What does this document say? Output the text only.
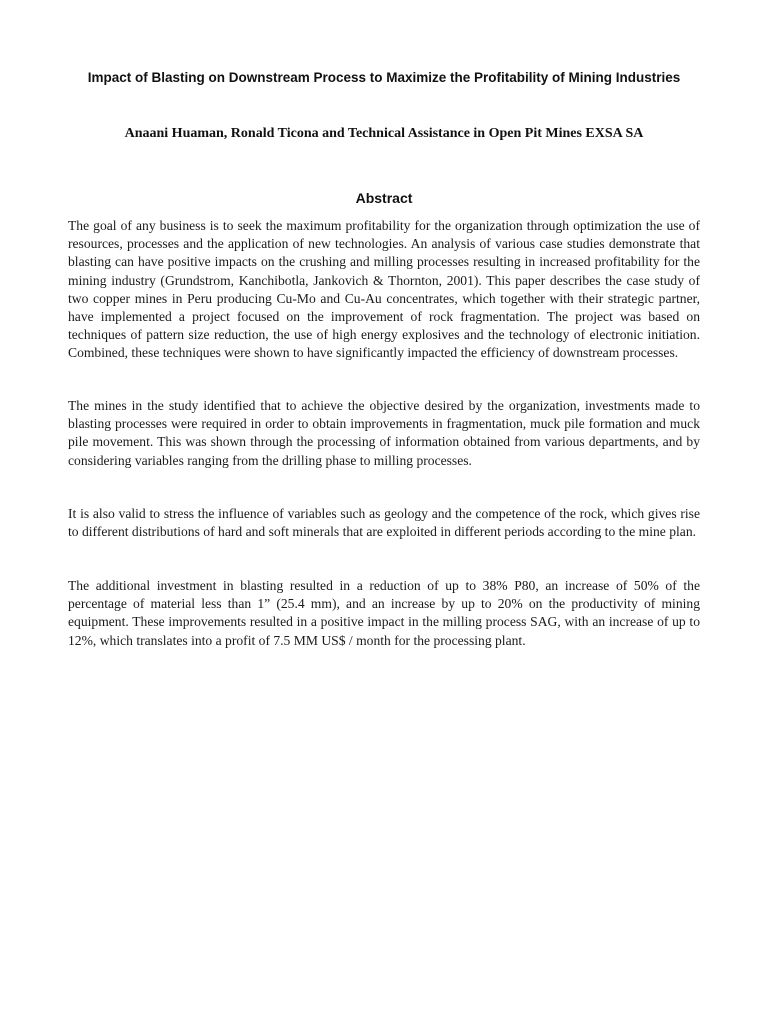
Impact of Blasting on Downstream Process to Maximize the Profitability of Mining Industries

Anaani Huaman, Ronald Ticona and Technical Assistance in Open Pit Mines EXSA SA

Abstract

The goal of any business is to seek the maximum profitability for the organization through optimization the use of resources, processes and the application of new technologies. An analysis of various case studies demonstrate that blasting can have positive impacts on the crushing and milling processes resulting in increased profitability for the mining industry (Grundstrom, Kanchibotla, Jankovich & Thornton, 2001). This paper describes the case study of two copper mines in Peru producing Cu-Mo and Cu-Au concentrates, which together with their strategic partner, have implemented a project focused on the improvement of rock fragmentation. The project was based on techniques of pattern size reduction, the use of high energy explosives and the technology of electronic initiation. Combined, these techniques were shown to have significantly impacted the efficiency of downstream processes.

The mines in the study identified that to achieve the objective desired by the organization, investments made to blasting processes were required in order to obtain improvements in fragmentation, muck pile formation and muck pile movement. This was shown through the processing of information obtained from various departments, and by considering variables ranging from the drilling phase to milling processes.

It is also valid to stress the influence of variables such as geology and the competence of the rock, which gives rise to different distributions of hard and soft minerals that are exploited in different periods according to the mine plan.

The additional investment in blasting resulted in a reduction of up to 38% P80, an increase of 50% of the percentage of material less than 1” (25.4 mm), and an increase by up to 20% on the productivity of mining equipment. These improvements resulted in a positive impact in the milling process SAG, with an increase of up to 12%, which translates into a profit of 7.5 MM US$ / month for the processing plant.
